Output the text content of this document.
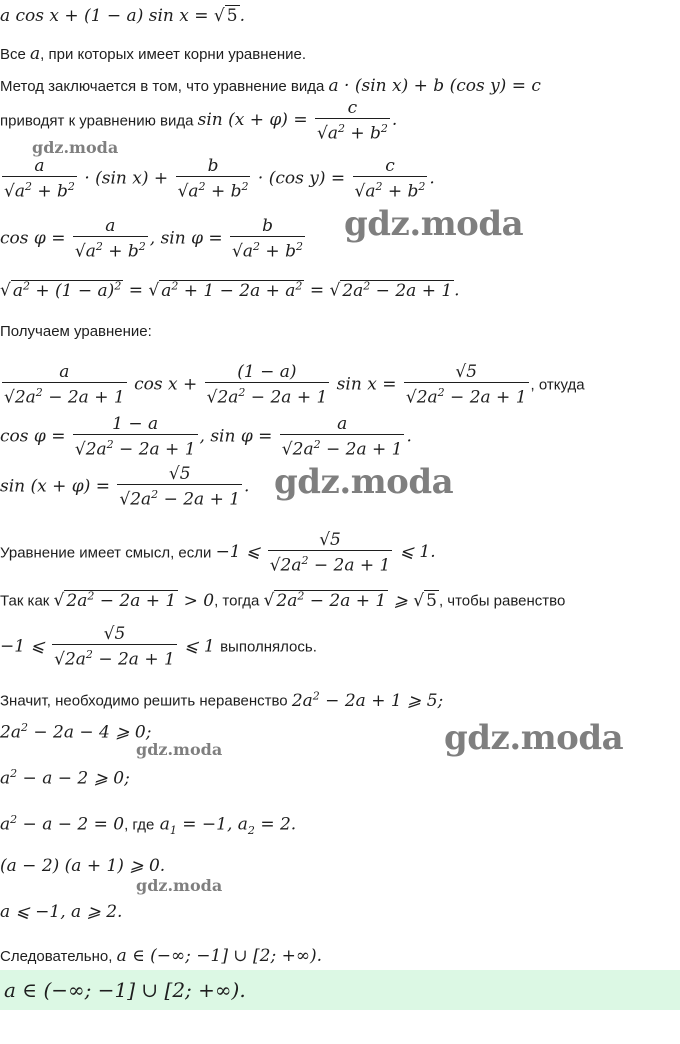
a cos x + (1 − a) sin x = √ 5 .
Все a, при которых имеет корни уравнение.
Метод заключается в том, что уравнение вида a · (sin x) + b (cos y) = c
приводят к уравнению вида $\sin (x + \varphi) = \frac{c}{√a^2 + b^2}$ .
$\frac{a}{√a^2 + b^2} \cdot (\sin$ $x) + \frac{b}{√a^2 + b^2} \cdot (\cos$ $y) = \frac{c}{√a^2 + b^2}$ .
$\cos \varphi = \frac{a}{√a^2 + b^2}$ , $\sin \varphi = \frac{b}{√a^2 + b^2}$
√ $a^2 + (1 - a)^2$ = √ $a^2 + 1 - 2a + a^2$ = √ $2a^2 - 2a + 1$ .
Получаем уравнение:
$\frac{a}{√2a^2 - 2a + 1}$ $\cos x + \frac{(1 - a)}{√2a^2 - 2a + 1}$ $\sin x = \frac{√5}{√2a^2 - 2a + 1}$ , откуда
$\cos \varphi = \frac{1 - a}{√2a^2 - 2a + 1}$ , $\sin \varphi = \frac{a}{√2a^2 - 2a + 1}$ .
$\sin (x + \varphi) = \frac{√5}{√2a^2 - 2a + 1}$ .
Уравнение имеет смысл, если −1 ⩽ $\frac{√5}{√2a^2 - 2a + 1}$ ⩽ 1.
Так как √ $2a^2 - 2a + 1 > 0$, тогда √ $2a^2 - 2a + 1$ ⩾ √ 5 , чтобы равенство
−1 ⩽ $\frac{√5}{√2a^2 - 2a + 1}$ ⩽ 1 выполнялось.
Значит, необходимо решить неравенство $2a^2 - 2a + 1$ ⩾ 5;
$2a^2 - 2a - 4$ ⩾ 0;
$a^2 - a - 2$ ⩾ 0;
$a^2 - a - 2 = 0$, где $a_1 = -1$, $a_2 = 2$.
(a − 2) (a + 1) ⩾ 0.
a ⩽ −1, a ⩾ 2.
Следовательно, a ∈ (−∞; −1] ∪ [2; +∞).
a ∈ (−∞; −1] ∪ [2; +∞).
gdz.moda
gdz.moda
gdz.moda
gdz.moda
gdz.moda
gdz.moda
